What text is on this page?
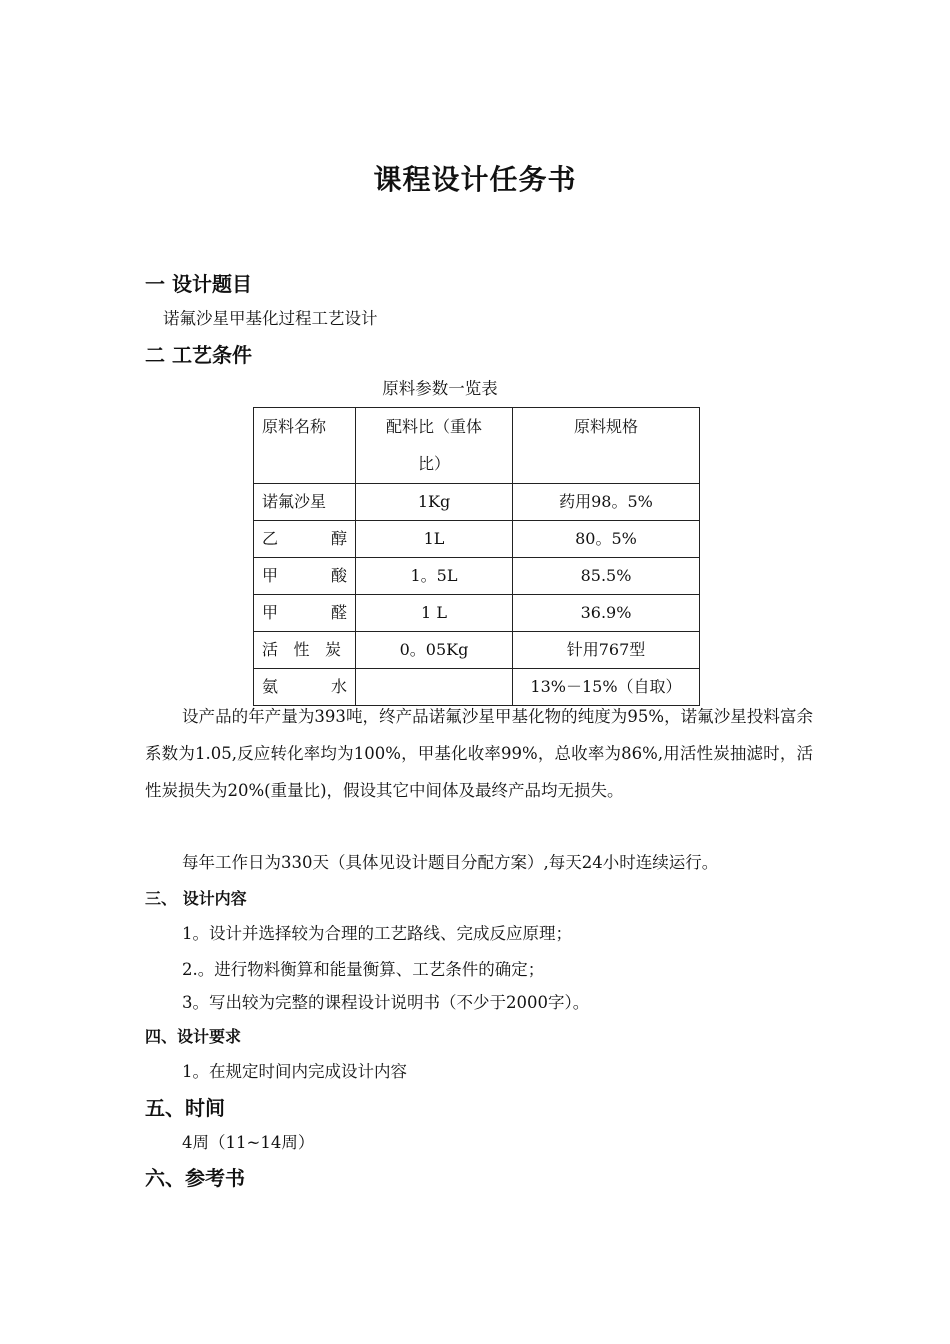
课程设计任务书
一 设计题目
诺氟沙星甲基化过程工艺设计
二 工艺条件
原料参数一览表
原料名称	配料比（重体比）	原料规格
诺氟沙星	1Kg	药用98。5%

乙 醇	1L	80。5%

甲 酸	1。5L	85.5%

甲 醛	1 L	36.9%

活 性 炭	0。05Kg	针用767型

氨 水		13%－15%（自取）
设产品的年产量为393吨，终产品诺氟沙星甲基化物的纯度为95%，诺氟沙星投料富余系数为1.05,反应转化率均为100%，甲基化收率99%，总收率为86%,用活性炭抽滤时，活性炭损失为20%(重量比)，假设其它中间体及最终产品均无损失。
每年工作日为330天（具体见设计题目分配方案）,每天24小时连续运行。
三、 设计内容
1。设计并选择较为合理的工艺路线、完成反应原理；
2.。进行物料衡算和能量衡算、工艺条件的确定；
3。写出较为完整的课程设计说明书（不少于2000字）。
四、设计要求
1。在规定时间内完成设计内容
五、时间
4周（11~14周）
六、参考书
